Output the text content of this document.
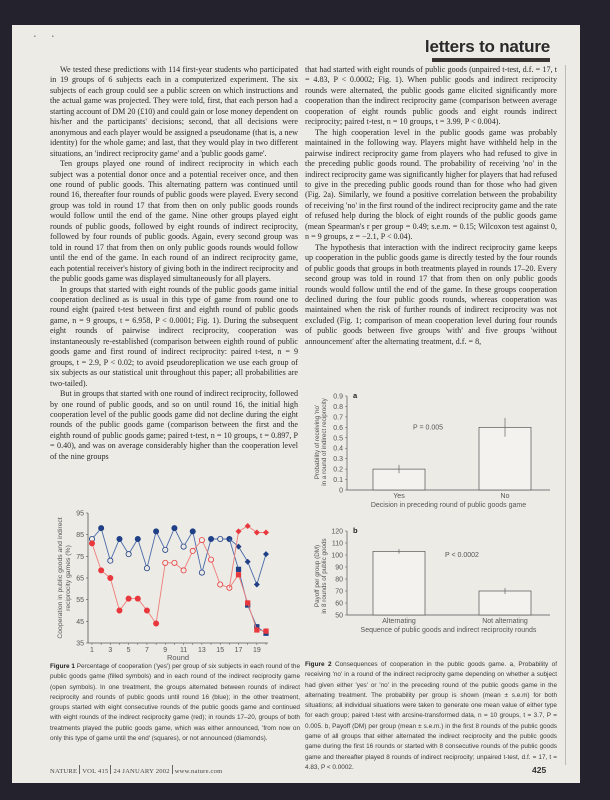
•	•	letters to nature

We tested these predictions with 114 first-year students who participated in 19 groups of 6 subjects each in a computerized experiment. The six subjects of each group could see a public screen on which instructions and the actual game was projected. They were told, first, that each person had a starting account of DM 20 (£10) and could gain or lose money dependent on his/her and the participants' decisions; second, that all decisions were anonymous and each player would be assigned a pseudoname (that is, a new identity) for the whole game; and last, that they would play in two different situations, an 'indirect reciprocity game' and a 'public goods game'.

Ten groups played one round of indirect reciprocity in which each subject was a potential donor once and a potential receiver once, and then one round of public goods. This alternating pattern was continued until round 16, thereafter four rounds of public goods were played. Every second group was told in round 17 that from then on only public goods rounds would follow until the end of the game. Nine other groups played eight rounds of public goods, followed by eight rounds of indirect reciprocity, followed by four rounds of public goods. Again, every second group was told in round 17 that from then on only public goods rounds would follow until the end of the game. In each round of an indirect reciprocity game, each potential receiver's history of giving both in the indirect reciprocity and the public goods game was displayed simultaneously for all players.

In groups that started with eight rounds of the public goods game initial cooperation declined as is usual in this type of game from round one to round eight (paired t-test between first and eighth round of public goods game, n = 9 groups, t = 6.958, P < 0.0001; Fig. 1). During the subsequent eight rounds of pairwise indirect reciprocity, cooperation was instantaneously re-established (comparison between eighth round of public goods game and first round of indirect reciprocity: paired t-test, n = 9 groups, t = 2.9, P < 0.02; to avoid pseudoreplication we use each group of six subjects as our statistical unit throughout this paper; all probabilities are two-tailed).

But in groups that started with one round of indirect reciprocity, followed by one round of public goods, and so on until round 16, the initial high cooperation level of the public goods game did not decline during the eight rounds of the public goods game (comparison between the first and the eighth round of public goods game; paired t-test, n = 10 groups, t = 0.897, P = 0.40), and was on average considerably higher than the cooperation level of the nine groups

that had started with eight rounds of public goods (unpaired t-test, d.f. = 17, t = 4.83, P < 0.0002; Fig. 1). When public goods and indirect reciprocity rounds were alternated, the public goods game elicited significantly more cooperation than the indirect reciprocity game (comparison between average cooperation of eight rounds public goods and eight rounds indirect reciprocity; paired t-test, n = 10 groups, t = 3.99, P < 0.004).

The high cooperation level in the public goods game was probably maintained in the following way. Players might have withheld help in the pairwise indirect reciprocity game from players who had refused to give in the preceding public goods round. The probability of receiving 'no' in the indirect reciprocity game was significantly higher for players that had refused to give in the preceding public goods round than for those who had given (Fig. 2a). Similarly, we found a positive correlation between the probability of receiving 'no' in the first round of the indirect reciprocity game and the rate of refused help during the block of eight rounds of the public goods game (mean Spearman's r per group = 0.49; s.e.m. = 0.15; Wilcoxon test against 0, n = 9 groups, z = −2.1, P < 0.04).

The hypothesis that interaction with the indirect reciprocity game keeps up cooperation in the public goods game is directly tested by the four rounds of public goods that groups in both treatments played in rounds 17–20. Every second group was told in round 17 that from then on only public goods rounds would follow until the end of the game. In these groups cooperation declined during the four public goods rounds, whereas cooperation was maintained when the risk of further rounds of indirect reciprocity was not excluded (Fig. 1; comparison of mean cooperation level during four rounds of public goods between five groups 'with' and five groups 'without announcement' after the alternating treatment, d.f. = 8,

35
45
55
65
75
85
95
1 3 5 7 9 11 13 15 17 19
Round
Cooperation in public goods and indirectreciprocity games (%)
0
0.1
0.2
0.3
0.4
0.5
0.6
0.7
0.8
0.9 a
Yes	No
Decision in preceding round of public goods game
P = 0.005
Probability of receiving 'no'in a round of indirect reciprocity
50
60
70
80
90
100
110
120 b
Alternating	Not alternating
Sequence of public goods and indirect reciprocity rounds
P < 0.0002
Payoff per group (DM)in 8 rounds of public goods
Figure 1 Percentage of cooperation ('yes') per group of six subjects in each round of the public goods game (filled symbols) and in each round of the indirect reciprocity game (open symbols). In one treatment, the groups alternated between rounds of indirect reciprocity and rounds of public goods until round 16 (blue); in the other treatment, groups started with eight consecutive rounds of the public goods game and continued with eight rounds of the indirect reciprocity game (red); in rounds 17–20, groups of both treatments played the public goods game, which was either announced, 'from now on only this type of game until the end' (squares), or not announced (diamonds).
Figure 2 Consequences of cooperation in the public goods game. a, Probability of receiving 'no' in a round of the indirect reciprocity game depending on whether a subject had given either 'yes' or 'no' in the preceding round of the public goods game in the alternating treatment. The probability per group is shown (mean ± s.e.m) for both situations; all individual situations were taken to generate one mean value of either type for each group; paired t-test with arcsine-transformed data, n = 10 groups, t = 3.7, P = 0.005. b, Payoff (DM) per group (mean ± s.e.m.) in the first 8 rounds of the public goods game of all groups that either alternated the indirect reciprocity and the public goods game during the first 16 rounds or started with 8 consecutive rounds of the public goods game and thereafter played 8 rounds of indirect reciprocity; unpaired t-test, d.f. = 17, t = 4.83, P < 0.0002.
NATURE VOL 415 24 JANUARY 2002 www.nature.com	425
